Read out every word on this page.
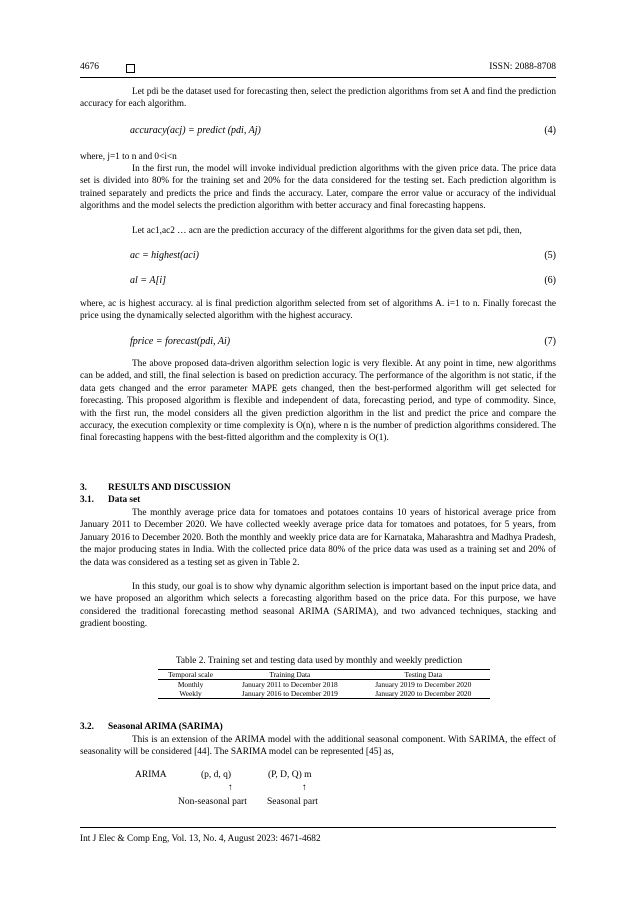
4676	ISSN: 2088-8708
Let pdi be the dataset used for forecasting then, select the prediction algorithms from set A and find the prediction accuracy for each algorithm.
accuracy(acj) = predict (pdi, Aj)	(4)
where, j=1 to n and 0<i<n
In the first run, the model will invoke individual prediction algorithms with the given price data. The price data set is divided into 80% for the training set and 20% for the data considered for the testing set. Each prediction algorithm is trained separately and predicts the price and finds the accuracy. Later, compare the error value or accuracy of the individual algorithms and the model selects the prediction algorithm with better accuracy and final forecasting happens.
Let ac1,ac2 … acn are the prediction accuracy of the different algorithms for the given data set pdi, then,
ac = highest(aci)	(5)
al = A[i]	(6)
where, ac is highest accuracy. al is final prediction algorithm selected from set of algorithms A. i=1 to n. Finally forecast the price using the dynamically selected algorithm with the highest accuracy.
fprice = forecast(pdi, Ai)	(7)
The above proposed data-driven algorithm selection logic is very flexible. At any point in time, new algorithms can be added, and still, the final selection is based on prediction accuracy. The performance of the algorithm is not static, if the data gets changed and the error parameter MAPE gets changed, then the best-performed algorithm will get selected for forecasting. This proposed algorithm is flexible and independent of data, forecasting period, and type of commodity. Since, with the first run, the model considers all the given prediction algorithm in the list and predict the price and compare the accuracy, the execution complexity or time complexity is O(n), where n is the number of prediction algorithms considered. The final forecasting happens with the best-fitted algorithm and the complexity is O(1).
3. RESULTS AND DISCUSSION
3.1. Data set
The monthly average price data for tomatoes and potatoes contains 10 years of historical average price from January 2011 to December 2020. We have collected weekly average price data for tomatoes and potatoes, for 5 years, from January 2016 to December 2020. Both the monthly and weekly price data are for Karnataka, Maharashtra and Madhya Pradesh, the major producing states in India. With the collected price data 80% of the price data was used as a training set and 20% of the data was considered as a testing set as given in Table 2.
In this study, our goal is to show why dynamic algorithm selection is important based on the input price data, and we have proposed an algorithm which selects a forecasting algorithm based on the price data. For this purpose, we have considered the traditional forecasting method seasonal ARIMA (SARIMA), and two advanced techniques, stacking and gradient boosting.
Table 2. Training set and testing data used by monthly and weekly prediction
Temporal scale	Training Data	Testing Data
Monthly	January 2011 to December 2018	January 2019 to December 2020
Weekly	January 2016 to December 2019	January 2020 to December 2020
3.2. Seasonal ARIMA (SARIMA)
This is an extension of the ARIMA model with the additional seasonal component. With SARIMA, the effect of seasonality will be considered [44]. The SARIMA model can be represented [45] as,
ARIMA	(p, d, q)	(P, D, Q) m
↑	↑
Non-seasonal part Seasonal part
Int J Elec & Comp Eng, Vol. 13, No. 4, August 2023: 4671-4682
